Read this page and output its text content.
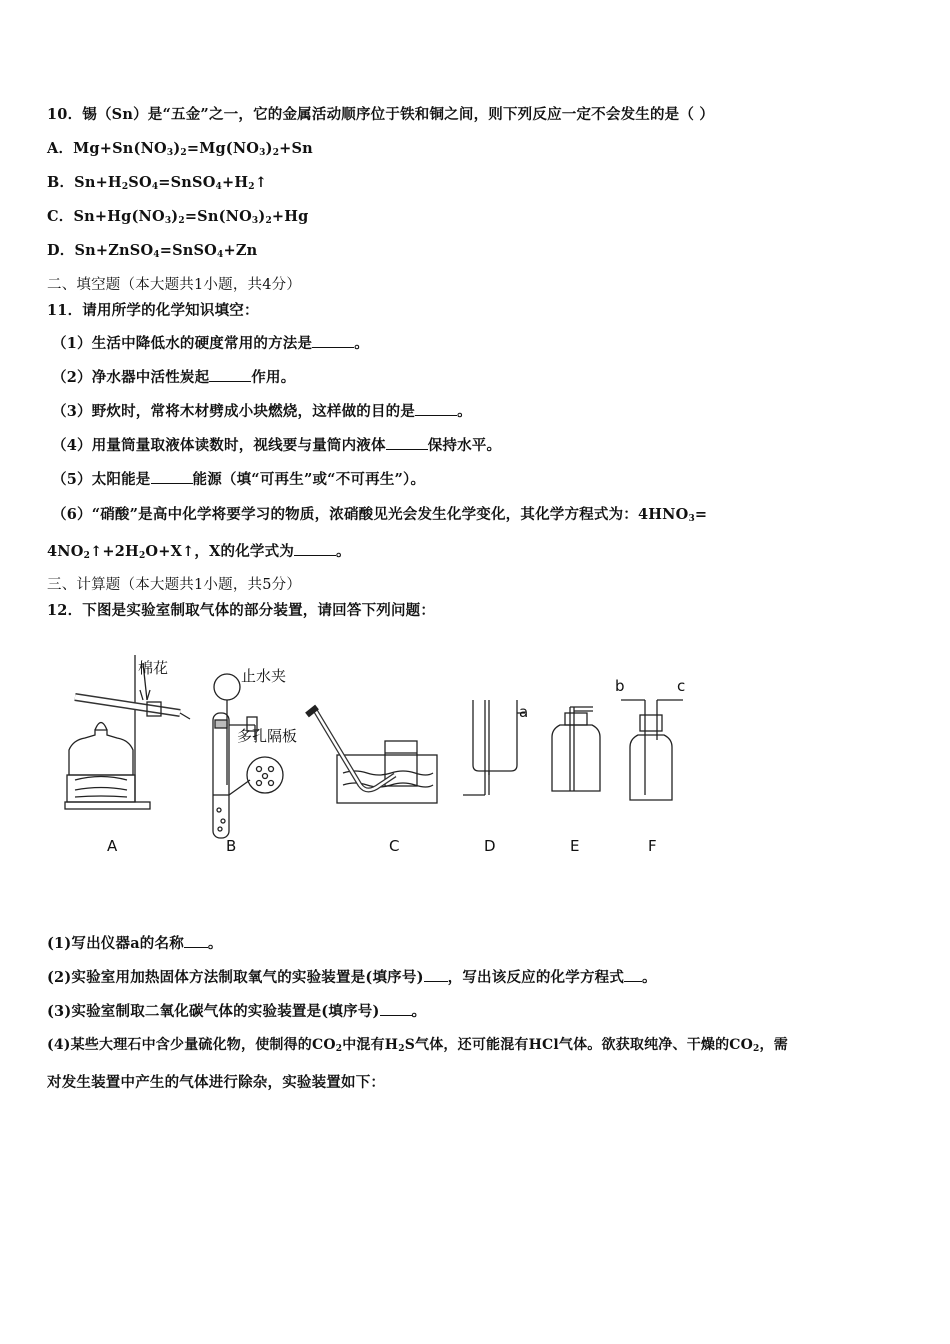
10．锡（Sn）是“五金”之一，它的金属活动顺序位于铁和铜之间，则下列反应一定不会发生的是（ ）
A．$Mg+Sn(NO_3)_2=Mg(NO_3)_2+Sn$
B．$Sn+H_2SO_4=SnSO_4+H_2↑$
C．$Sn+Hg(NO_3)_2=Sn(NO_3)_2+Hg$
D．Sn+ZnSO$_4$=SnSO$_4$+Zn
二、填空题（本大题共1小题，共4分）
11．请用所学的化学知识填空：
（1）生活中降低水的硬度常用的方法是	。
（2）净水器中活性炭起	作用。
（3）野炊时，常将木材劈成小块燃烧，这样做的目的是	。
（4）用量筒量取液体读数时，视线要与量筒内液体	保持水平。
（5）太阳能是	能源（填“可再生”或“不可再生”）。
（6）“硝酸”是高中化学将要学习的物质，浓硝酸见光会发生化学变化，其化学方程式为：$4HNO_3=$
$4NO_2↑+2H_2O+X↑$，X的化学式为	。
三、计算题（本大题共1小题，共5分）
12．下图是实验室制取气体的部分装置，请回答下列问题：
棉花	止水夹
多孔隔板
a
b	c
A	B	C	D	E	F
(1)写出仪器a的名称 。
(2)实验室用加热固体方法制取氧气的实验装置是(填序号) ，写出该反应的化学方程式 。
(3)实验室制取二氧化碳气体的实验装置是(填序号) 。
(4)某些大理石中含少量硫化物，使制得的$CO_2$中混有$H_2S$气体，还可能混有HCl气体。欲获取纯净、干燥的$CO_2$，需
对发生装置中产生的气体进行除杂，实验装置如下：
